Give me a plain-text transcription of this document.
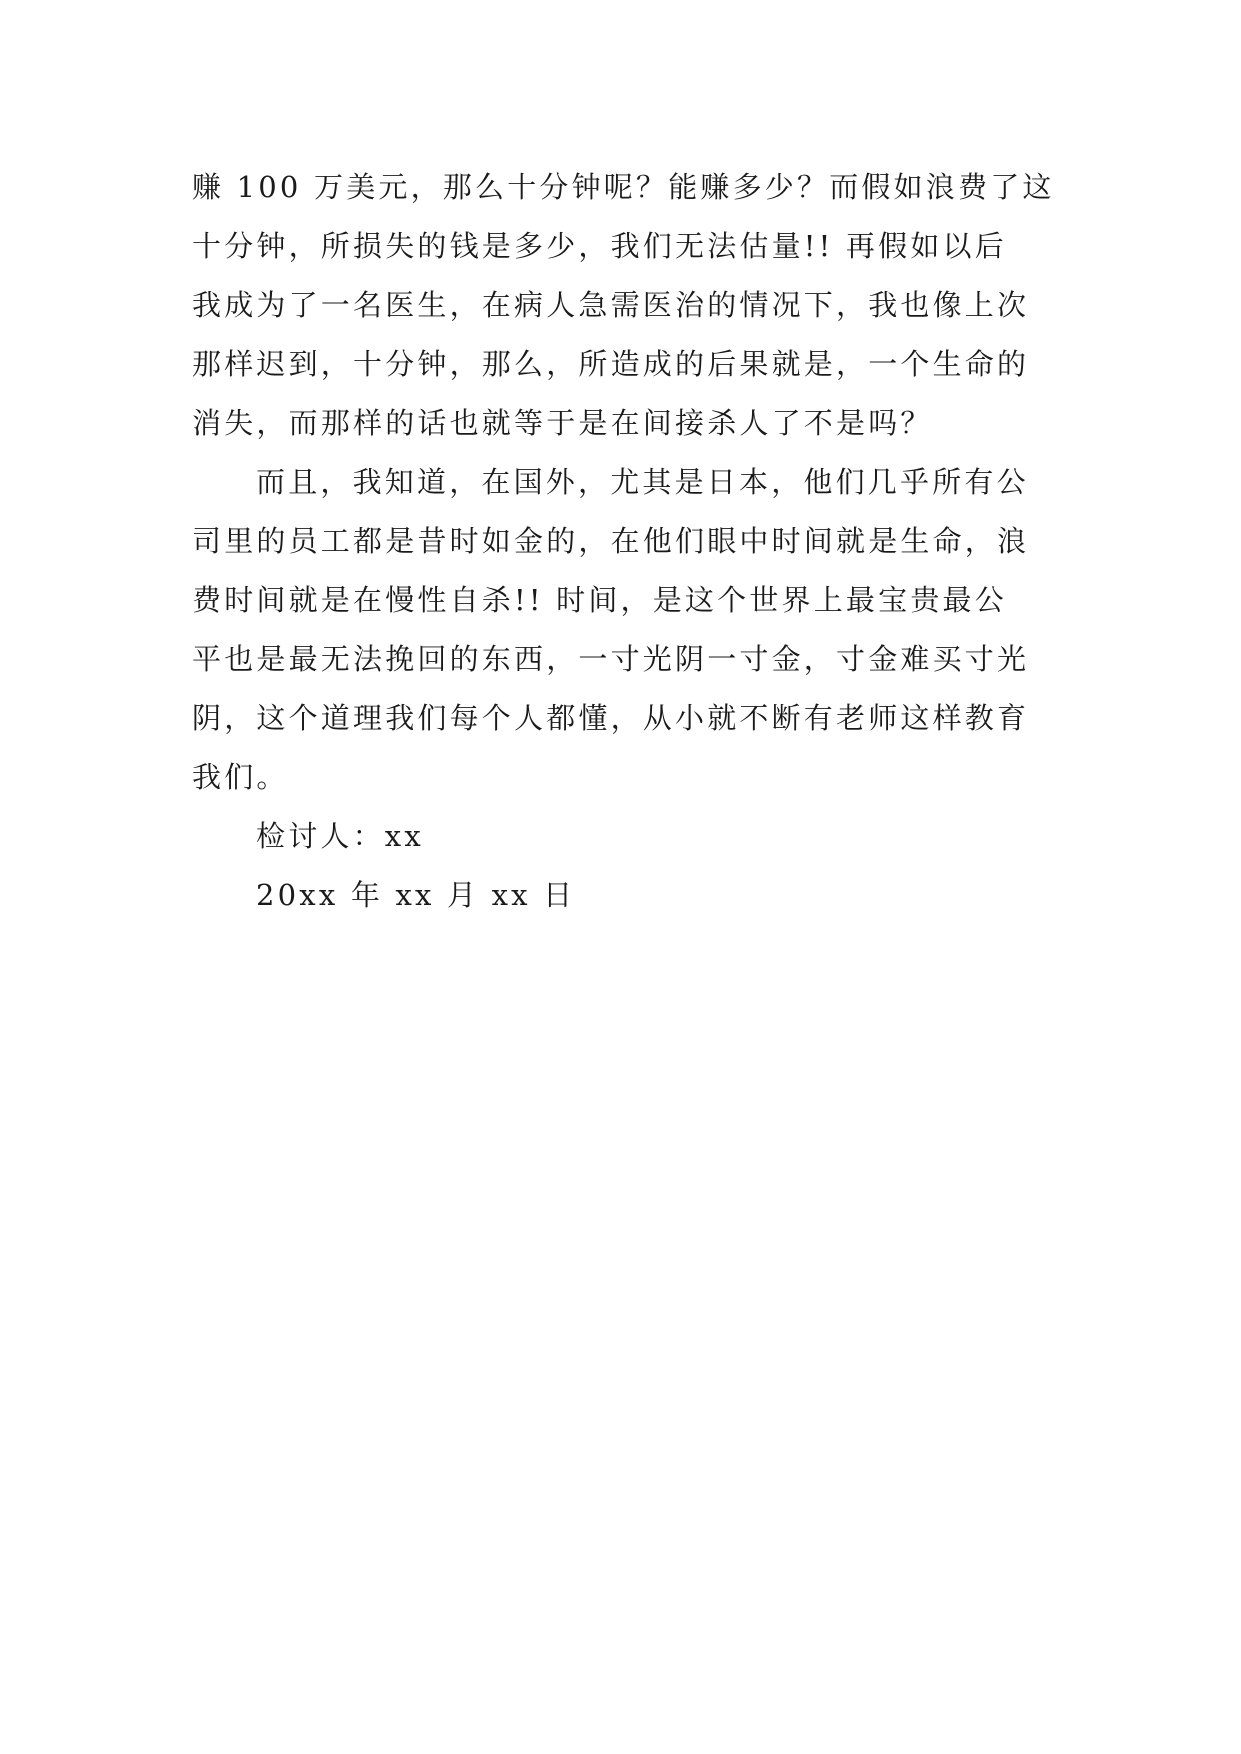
赚 100 万美元，那么十分钟呢？能赚多少？而假如浪费了这
十分钟，所损失的钱是多少，我们无法估量!! 再假如以后
我成为了一名医生，在病人急需医治的情况下，我也像上次
那样迟到，十分钟，那么，所造成的后果就是，一个生命的
消失，而那样的话也就等于是在间接杀人了不是吗？
而且，我知道，在国外，尤其是日本，他们几乎所有公
司里的员工都是昔时如金的，在他们眼中时间就是生命，浪
费时间就是在慢性自杀!! 时间，是这个世界上最宝贵最公
平也是最无法挽回的东西，一寸光阴一寸金，寸金难买寸光
阴，这个道理我们每个人都懂，从小就不断有老师这样教育
我们。
检讨人：xx
20xx 年 xx 月 xx 日
